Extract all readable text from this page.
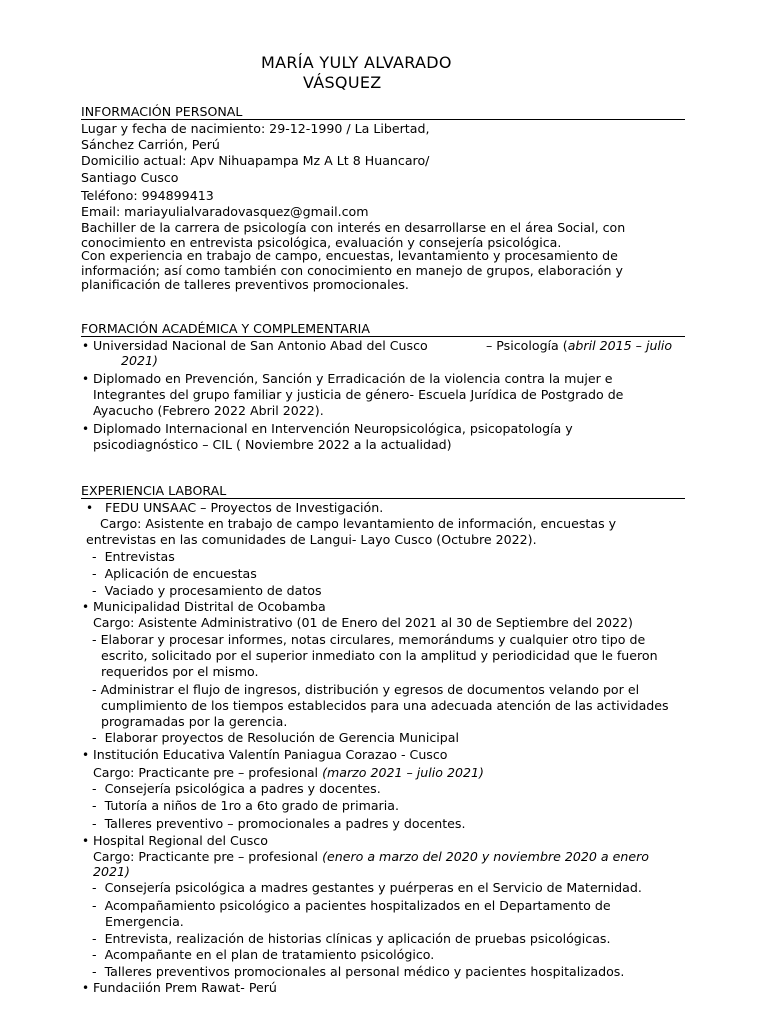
MARÍA YULY ALVARADO
VÁSQUEZ
INFORMACIÓN PERSONAL
Lugar y fecha de nacimiento: 29-12-1990 / La Libertad,
Sánchez Carrión, Perú
Domicilio actual: Apv Nihuapampa Mz A Lt 8 Huancaro/
Santiago Cusco
Teléfono: 994899413
Email: mariayulialvaradovasquez@gmail.com
Bachiller de la carrera de psicología con interés en desarrollarse en el área Social, con
conocimiento en entrevista psicológica, evaluación y consejería psicológica.
Con experiencia en trabajo de campo, encuestas, levantamiento y procesamiento de
información; así como también con conocimiento en manejo de grupos, elaboración y
planificación de talleres preventivos promocionales.
FORMACIÓN ACADÉMICA Y COMPLEMENTARIA
• Universidad Nacional de San Antonio Abad del Cusco	– Psicología (abril 2015 – julio
2021)
• Diplomado en Prevención, Sanción y Erradicación de la violencia contra la mujer e
Integrantes del grupo familiar y justicia de género- Escuela Jurídica de Postgrado de
Ayacucho (Febrero 2022 Abril 2022).
• Diplomado Internacional en Intervención Neuropsicológica, psicopatología y
psicodiagnóstico – CIL ( Noviembre 2022 a la actualidad)
EXPERIENCIA LABORAL
• FEDU UNSAAC – Proyectos de Investigación.
Cargo: Asistente en trabajo de campo levantamiento de información, encuestas y
entrevistas en las comunidades de Langui- Layo Cusco (Octubre 2022).
-  Entrevistas
-  Aplicación de encuestas
-  Vaciado y procesamiento de datos
• Municipalidad Distrital de Ocobamba
Cargo: Asistente Administrativo (01 de Enero del 2021 al 30 de Septiembre del 2022)
- Elaborar y procesar informes, notas circulares, memorándums y cualquier otro tipo de
escrito, solicitado por el superior inmediato con la amplitud y periodicidad que le fueron
requeridos por el mismo.
- Administrar el flujo de ingresos, distribución y egresos de documentos velando por el
cumplimiento de los tiempos establecidos para una adecuada atención de las actividades
programadas por la gerencia.
-  Elaborar proyectos de Resolución de Gerencia Municipal
• Institución Educativa Valentín Paniagua Corazao - Cusco
Cargo: Practicante pre – profesional (marzo 2021 – julio 2021)
-  Consejería psicológica a padres y docentes.
-  Tutoría a niños de 1ro a 6to grado de primaria.
-  Talleres preventivo – promocionales a padres y docentes.
• Hospital Regional del Cusco
Cargo: Practicante pre – profesional (enero a marzo del 2020 y noviembre 2020 a enero
2021)
-  Consejería psicológica a madres gestantes y puérperas en el Servicio de Maternidad.
-  Acompañamiento psicológico a pacientes hospitalizados en el Departamento de
Emergencia.
-  Entrevista, realización de historias clínicas y aplicación de pruebas psicológicas.
-  Acompañante en el plan de tratamiento psicológico.
-  Talleres preventivos promocionales al personal médico y pacientes hospitalizados.
• Fundaciión Prem Rawat- Perú
